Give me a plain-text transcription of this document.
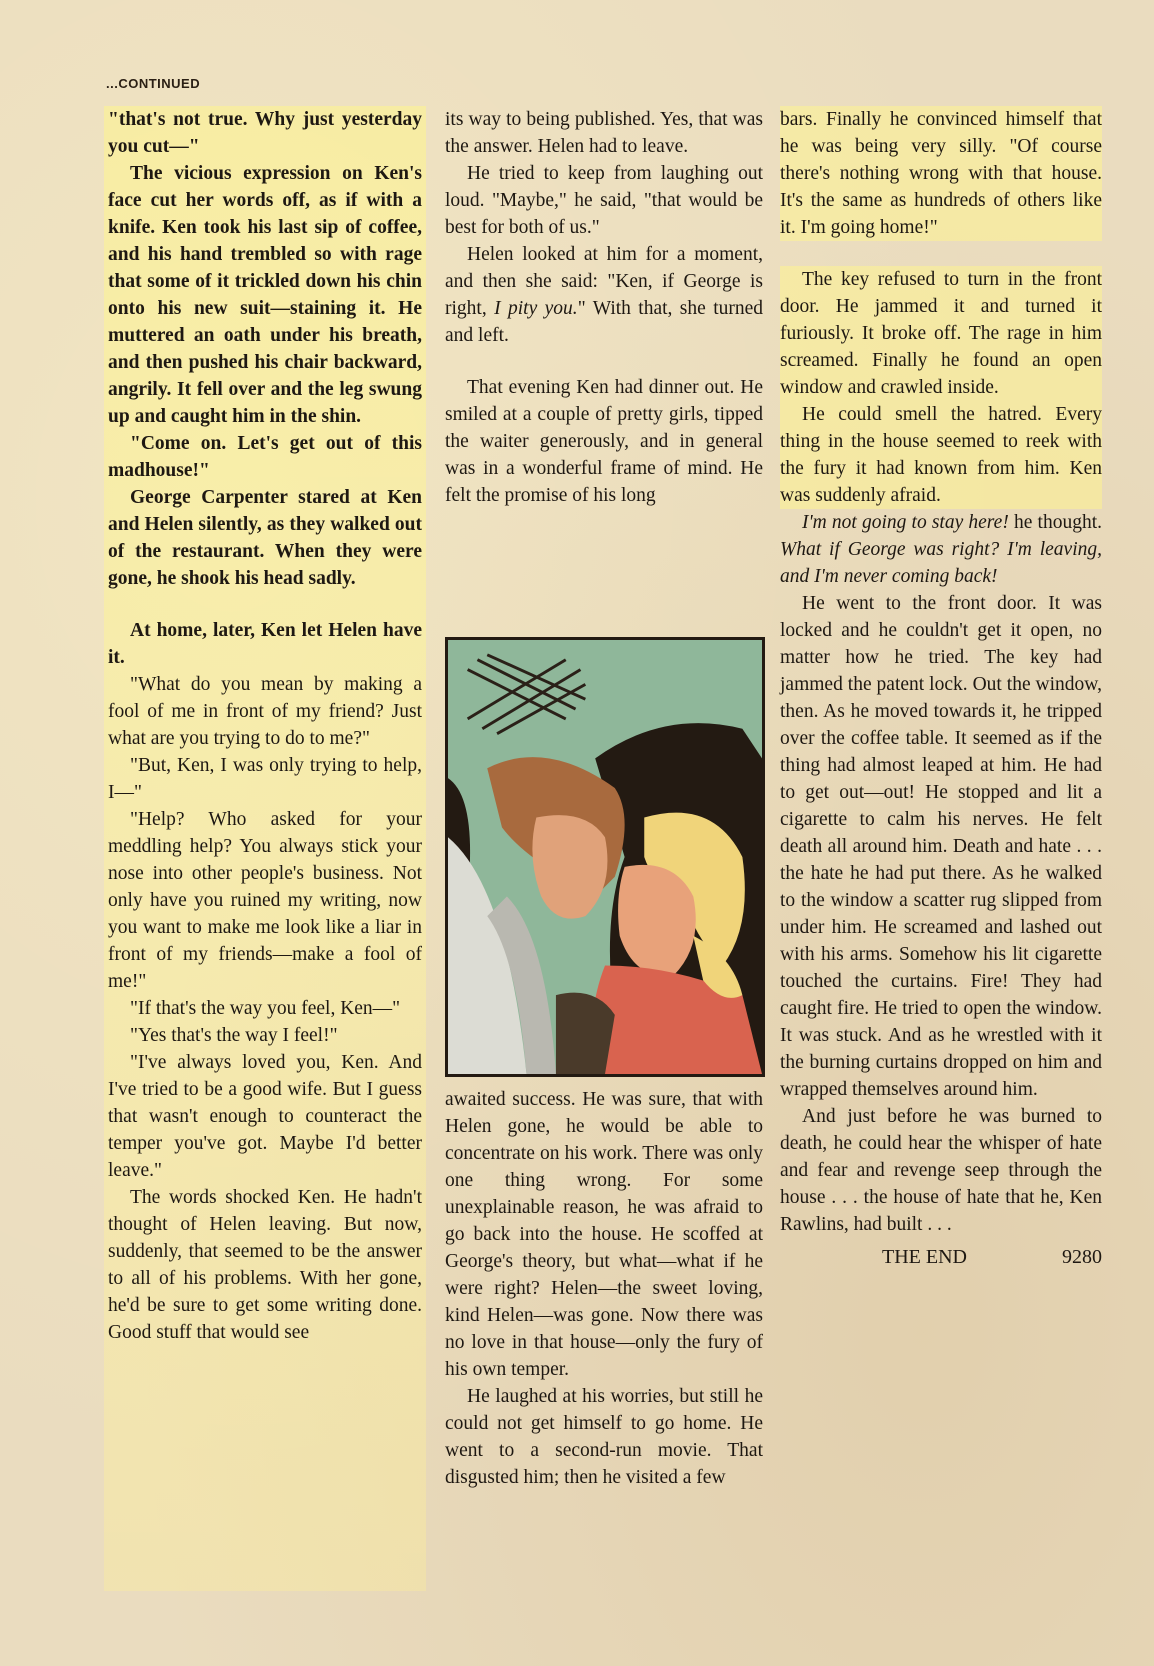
...CONTINUED

"that's not true. Why just yesterday you cut—"

The vicious expression on Ken's face cut her words off, as if with a knife. Ken took his last sip of coffee, and his hand trembled so with rage that some of it trickled down his chin onto his new suit—staining it. He muttered an oath under his breath, and then pushed his chair backward, angrily. It fell over and the leg swung up and caught him in the shin.

"Come on. Let's get out of this madhouse!"

George Carpenter stared at Ken and Helen silently, as they walked out of the restaurant. When they were gone, he shook his head sadly.

At home, later, Ken let Helen have it.

"What do you mean by making a fool of me in front of my friend? Just what are you trying to do to me?"

"But, Ken, I was only trying to help, I—"

"Help? Who asked for your meddling help? You always stick your nose into other people's business. Not only have you ruined my writing, now you want to make me look like a liar in front of my friends—make a fool of me!"

"If that's the way you feel, Ken—"

"Yes that's the way I feel!"

"I've always loved you, Ken. And I've tried to be a good wife. But I guess that wasn't enough to counteract the temper you've got. Maybe I'd better leave."

The words shocked Ken. He hadn't thought of Helen leaving. But now, suddenly, that seemed to be the answer to all of his problems. With her gone, he'd be sure to get some writing done. Good stuff that would see

its way to being published. Yes, that was the answer. Helen had to leave.

He tried to keep from laughing out loud. "Maybe," he said, "that would be best for both of us."

Helen looked at him for a moment, and then she said: "Ken, if George is right, I pity you." With that, she turned and left.

That evening Ken had dinner out. He smiled at a couple of pretty girls, tipped the waiter generously, and in general was in a wonderful frame of mind. He felt the promise of his long

awaited success. He was sure, that with Helen gone, he would be able to concentrate on his work. There was only one thing wrong. For some unexplainable reason, he was afraid to go back into the house. He scoffed at George's theory, but what—what if he were right? Helen—the sweet loving, kind Helen—was gone. Now there was no love in that house—only the fury of his own temper.

He laughed at his worries, but still he could not get himself to go home. He went to a second-run movie. That disgusted him; then he visited a few

bars. Finally he convinced himself that he was being very silly. "Of course there's nothing wrong with that house. It's the same as hundreds of others like it. I'm going home!"

The key refused to turn in the front door. He jammed it and turned it furiously. It broke off. The rage in him screamed. Finally he found an open window and crawled inside.

He could smell the hatred. Every thing in the house seemed to reek with the fury it had known from him. Ken was suddenly afraid.

I'm not going to stay here! he thought. What if George was right? I'm leaving, and I'm never coming back!

He went to the front door. It was locked and he couldn't get it open, no matter how he tried. The key had jammed the patent lock. Out the window, then. As he moved towards it, he tripped over the coffee table. It seemed as if the thing had almost leaped at him. He had to get out—out! He stopped and lit a cigarette to calm his nerves. He felt death all around him. Death and hate . . . the hate he had put there. As he walked to the window a scatter rug slipped from under him. He screamed and lashed out with his arms. Somehow his lit cigarette touched the curtains. Fire! They had caught fire. He tried to open the window. It was stuck. And as he wrestled with it the burning curtains dropped on him and wrapped themselves around him.

And just before he was burned to death, he could hear the whisper of hate and fear and revenge seep through the house . . . the house of hate that he, Ken Rawlins, had built . . .

THE END	9280
